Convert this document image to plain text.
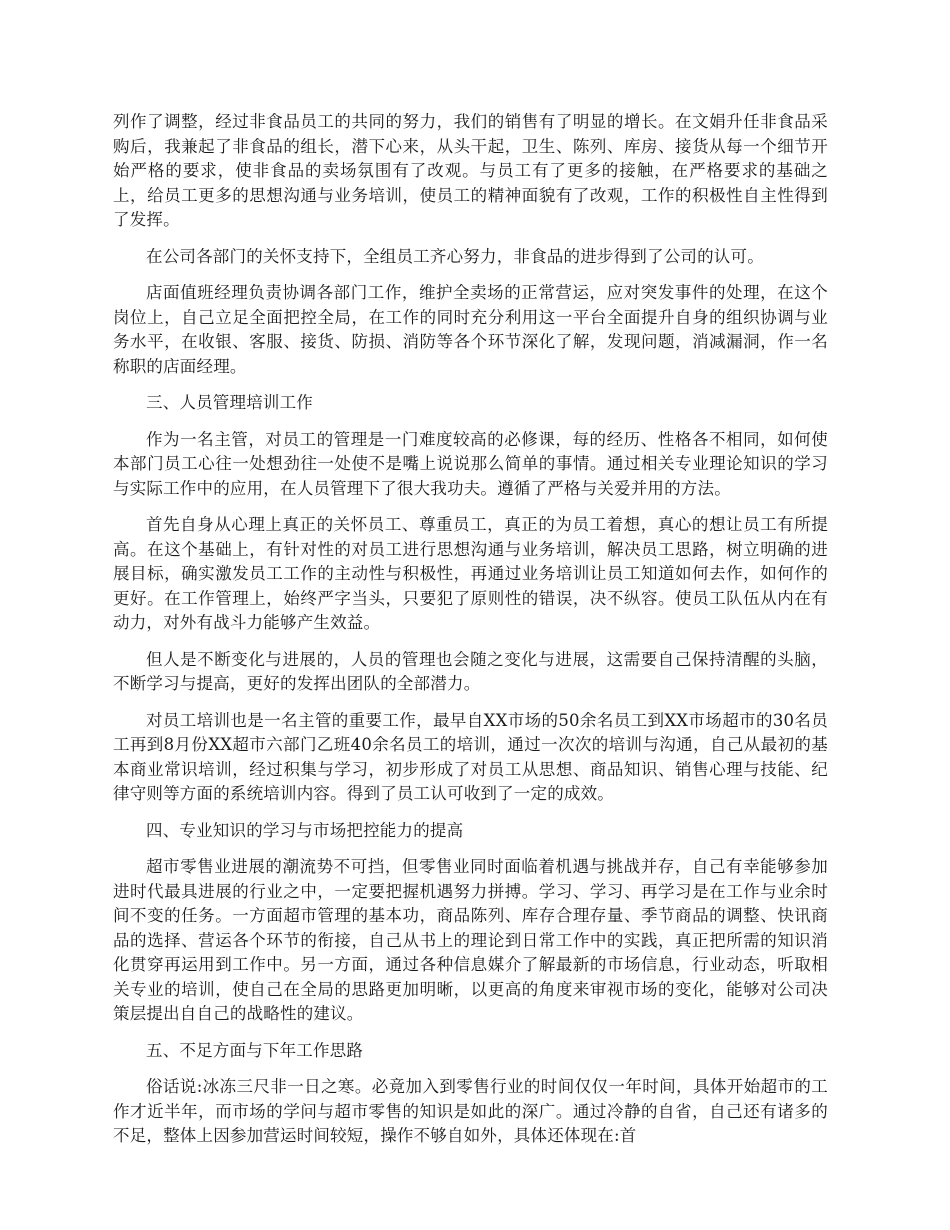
列作了调整，经过非食品员工的共同的努力，我们的销售有了明显的增长。在文娟升任非食品采购后，我兼起了非食品的组长，潜下心来，从头干起，卫生、陈列、库房、接货从每一个细节开始严格的要求，使非食品的卖场氛围有了改观。与员工有了更多的接触，在严格要求的基础之上，给员工更多的思想沟通与业务培训，使员工的精神面貌有了改观，工作的积极性自主性得到了发挥。

在公司各部门的关怀支持下，全组员工齐心努力，非食品的进步得到了公司的认可。

店面值班经理负责协调各部门工作，维护全卖场的正常营运，应对突发事件的处理，在这个岗位上，自己立足全面把控全局，在工作的同时充分利用这一平台全面提升自身的组织协调与业务水平，在收银、客服、接货、防损、消防等各个环节深化了解，发现问题，消减漏洞，作一名称职的店面经理。

三、人员管理培训工作

作为一名主管，对员工的管理是一门难度较高的必修课，每的经历、性格各不相同，如何使本部门员工心往一处想劲往一处使不是嘴上说说那么简单的事情。通过相关专业理论知识的学习与实际工作中的应用，在人员管理下了很大我功夫。遵循了严格与关爱并用的方法。

首先自身从心理上真正的关怀员工、尊重员工，真正的为员工着想，真心的想让员工有所提高。在这个基础上，有针对性的对员工进行思想沟通与业务培训，解决员工思路，树立明确的进展目标，确实激发员工工作的主动性与积极性，再通过业务培训让员工知道如何去作，如何作的更好。在工作管理上，始终严字当头，只要犯了原则性的错误，决不纵容。使员工队伍从内在有动力，对外有战斗力能够产生效益。

但人是不断变化与进展的，人员的管理也会随之变化与进展，这需要自己保持清醒的头脑，不断学习与提高，更好的发挥出团队的全部潜力。

对员工培训也是一名主管的重要工作，最早自XX市场的50余名员工到XX市场超市的30名员工再到8月份XX超市六部门乙班40余名员工的培训，通过一次次的培训与沟通，自己从最初的基本商业常识培训，经过积集与学习，初步形成了对员工从思想、商品知识、销售心理与技能、纪律守则等方面的系统培训内容。得到了员工认可收到了一定的成效。

四、专业知识的学习与市场把控能力的提高

超市零售业进展的潮流势不可挡，但零售业同时面临着机遇与挑战并存，自己有幸能够参加进时代最具进展的行业之中，一定要把握机遇努力拼搏。学习、学习、再学习是在工作与业余时间不变的任务。一方面超市管理的基本功，商品陈列、库存合理存量、季节商品的调整、快讯商品的选择、营运各个环节的衔接，自己从书上的理论到日常工作中的实践，真正把所需的知识消化贯穿再运用到工作中。另一方面，通过各种信息媒介了解最新的市场信息，行业动态，听取相关专业的培训，使自己在全局的思路更加明晰，以更高的角度来审视市场的变化，能够对公司决策层提出自自己的战略性的建议。

五、不足方面与下年工作思路

俗话说:冰冻三尺非一日之寒。必竟加入到零售行业的时间仅仅一年时间，具体开始超市的工作才近半年，而市场的学问与超市零售的知识是如此的深广。通过冷静的自省，自己还有诸多的不足，整体上因参加营运时间较短，操作不够自如外，具体还体现在:首
